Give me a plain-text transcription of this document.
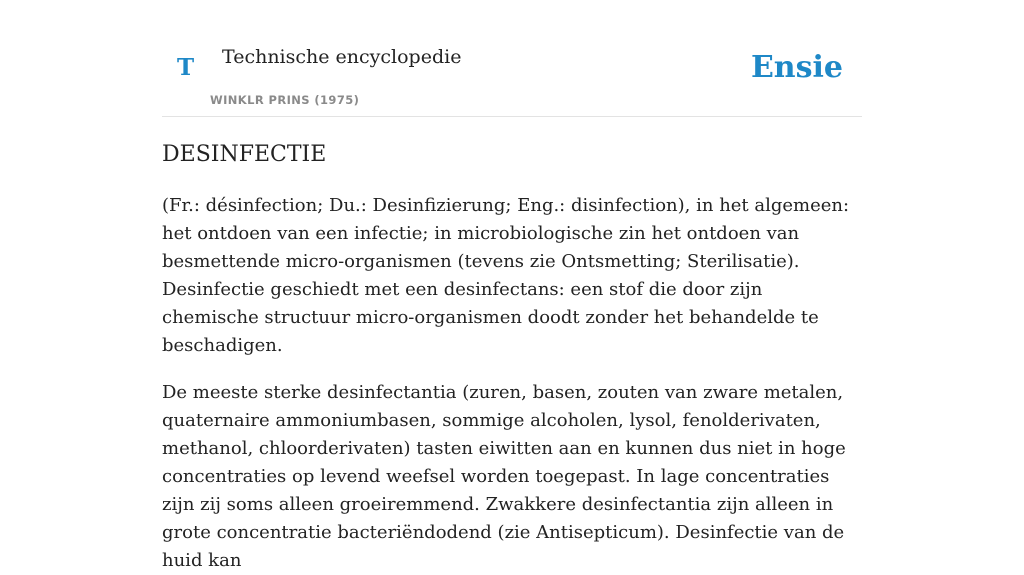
T Technische encyclopedie
WINKLR PRINS (1975)
Ensie
DESINFECTIE

(Fr.: désinfection; Du.: Desinfizierung; Eng.: disinfection), in het algemeen: het ontdoen van een infectie; in microbiologische zin het ontdoen van besmettende micro-organismen (tevens zie Ontsmetting; Sterilisatie). Desinfectie geschiedt met een desinfectans: een stof die door zijn chemische structuur micro-organismen doodt zonder het behandelde te beschadigen.

De meeste sterke desinfectantia (zuren, basen, zouten van zware metalen, quaternaire ammoniumbasen, sommige alcoholen, lysol, fenolderivaten, methanol, chloorderivaten) tasten eiwitten aan en kunnen dus niet in hoge concentraties op levend weefsel worden toegepast. In lage concentraties zijn zij soms alleen groeiremmend. Zwakkere desinfectantia zijn alleen in grote concentratie bacteriëndodend (zie Antisepticum). Desinfectie van de huid kan
